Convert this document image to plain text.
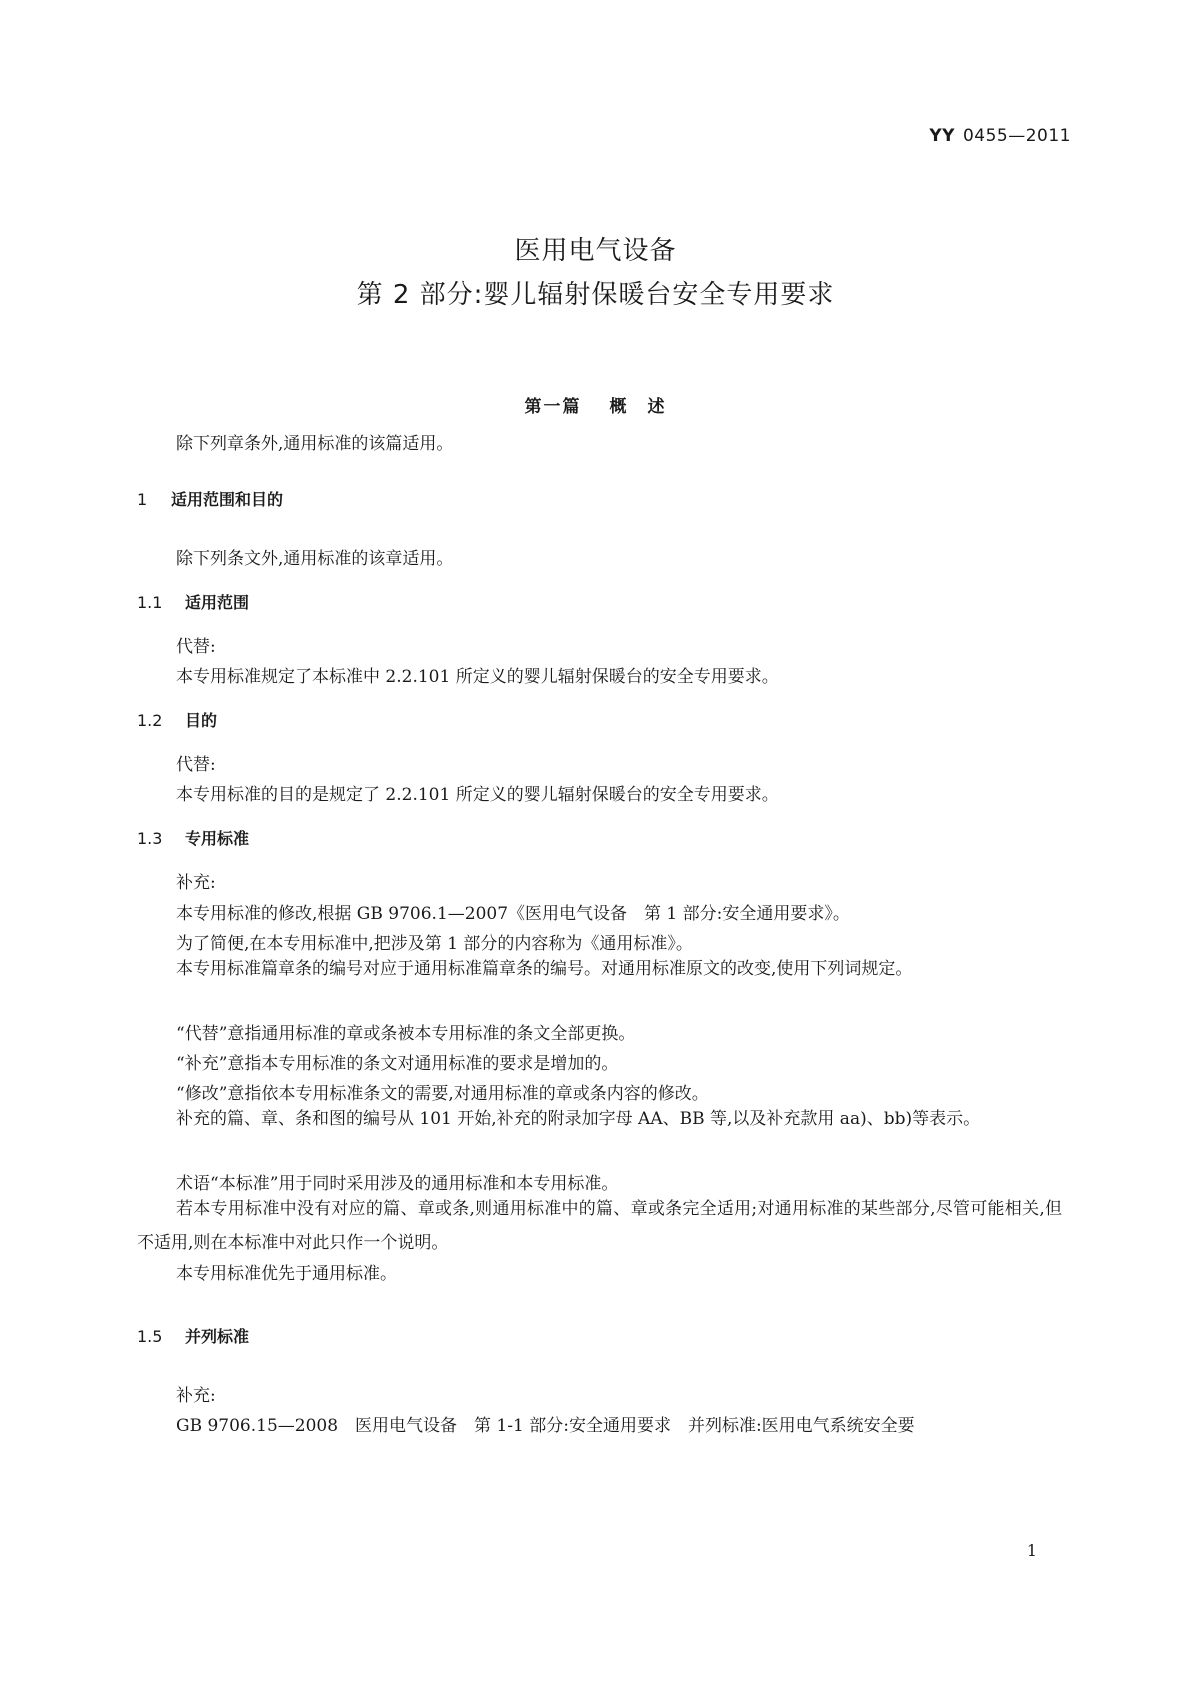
YY 0455—2011
医用电气设备
第 2 部分:婴儿辐射保暖台安全专用要求
第一篇 概　述
除下列章条外,通用标准的该篇适用。
1 适用范围和目的
除下列条文外,通用标准的该章适用。
1.1 适用范围
代替:
本专用标准规定了本标准中 2.2.101 所定义的婴儿辐射保暖台的安全专用要求。
1.2 目的
代替:
本专用标准的目的是规定了 2.2.101 所定义的婴儿辐射保暖台的安全专用要求。
1.3 专用标准
补充:
本专用标准的修改,根据 GB 9706.1—2007《医用电气设备　第 1 部分:安全通用要求》。
为了简便,在本专用标准中,把涉及第 1 部分的内容称为《通用标准》。
本专用标准篇章条的编号对应于通用标准篇章条的编号。对通用标准原文的改变,使用下列词规定。
“代替”意指通用标准的章或条被本专用标准的条文全部更换。
“补充”意指本专用标准的条文对通用标准的要求是增加的。
“修改”意指依本专用标准条文的需要,对通用标准的章或条内容的修改。
补充的篇、章、条和图的编号从 101 开始,补充的附录加字母 AA、BB 等,以及补充款用 aa)、bb)等表示。
术语“本标准”用于同时采用涉及的通用标准和本专用标准。
若本专用标准中没有对应的篇、章或条,则通用标准中的篇、章或条完全适用;对通用标准的某些部分,尽管可能相关,但不适用,则在本标准中对此只作一个说明。
本专用标准优先于通用标准。
1.5 并列标准
补充:
GB 9706.15—2008　医用电气设备　第 1-1 部分:安全通用要求　并列标准:医用电气系统安全要
1
